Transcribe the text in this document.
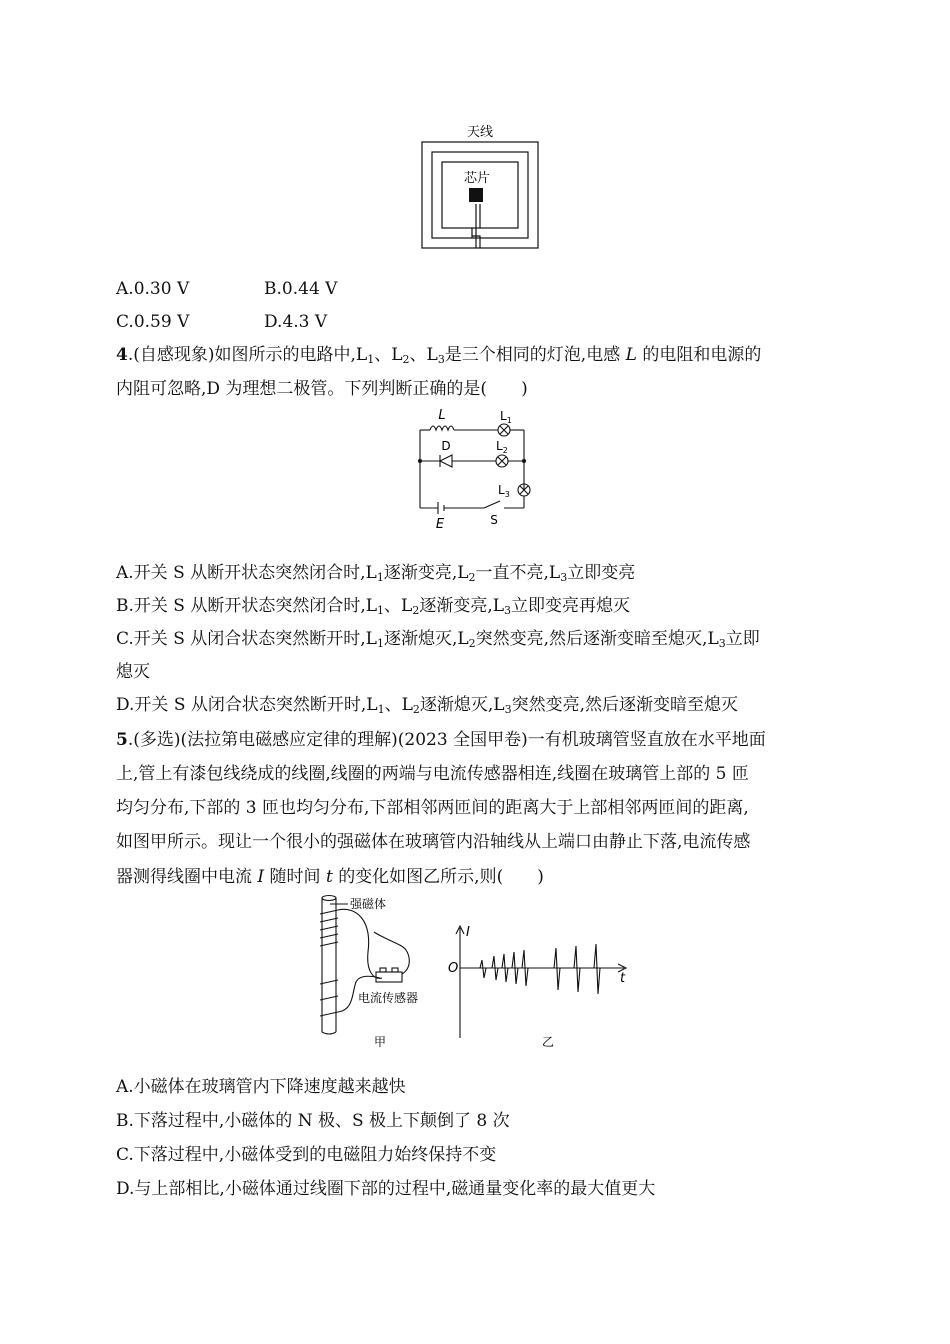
天线
芯片
A.0.30 V	B.0.44 V
C.0.59 V	D.4.3 V
4.(自感现象)如图所示的电路中$,L_1$、$L_2$、$L_3$是三个相同的灯泡,电感 L 的电阻和电源的
内阻可忽略,D 为理想二极管。下列判断正确的是(　　)
L	$L_1$
D	$L_2$
$L_3$
E	S
A.开关 S 从断开状态突然闭合时$,L_1$逐渐变亮$,L_2$一直不亮$,L_3$立即变亮
B.开关 S 从断开状态突然闭合时$,L_1$、$L_2$逐渐变亮$,L_3$立即变亮再熄灭
C.开关 S 从闭合状态突然断开时$,L_1$逐渐熄灭$,L_2$突然变亮,然后逐渐变暗至熄灭$,L_3$立即
熄灭
D.开关 S 从闭合状态突然断开时$,L_1$、$L_2$逐渐熄灭$,L_3$突然变亮,然后逐渐变暗至熄灭
5.(多选)(法拉第电磁感应定律的理解)(2023 全国甲卷)一有机玻璃管竖直放在水平地面
上,管上有漆包线绕成的线圈,线圈的两端与电流传感器相连,线圈在玻璃管上部的 5 匝
均匀分布,下部的 3 匝也均匀分布,下部相邻两匝间的距离大于上部相邻两匝间的距离,
如图甲所示。现让一个很小的强磁体在玻璃管内沿轴线从上端口由静止下落,电流传感
器测得线圈中电流 I 随时间 t 的变化如图乙所示,则(　　)
强磁体
电流传感器
甲
I
O
t
乙
A.小磁体在玻璃管内下降速度越来越快
B.下落过程中,小磁体的 N 极、S 极上下颠倒了 8 次
C.下落过程中,小磁体受到的电磁阻力始终保持不变
D.与上部相比,小磁体通过线圈下部的过程中,磁通量变化率的最大值更大
